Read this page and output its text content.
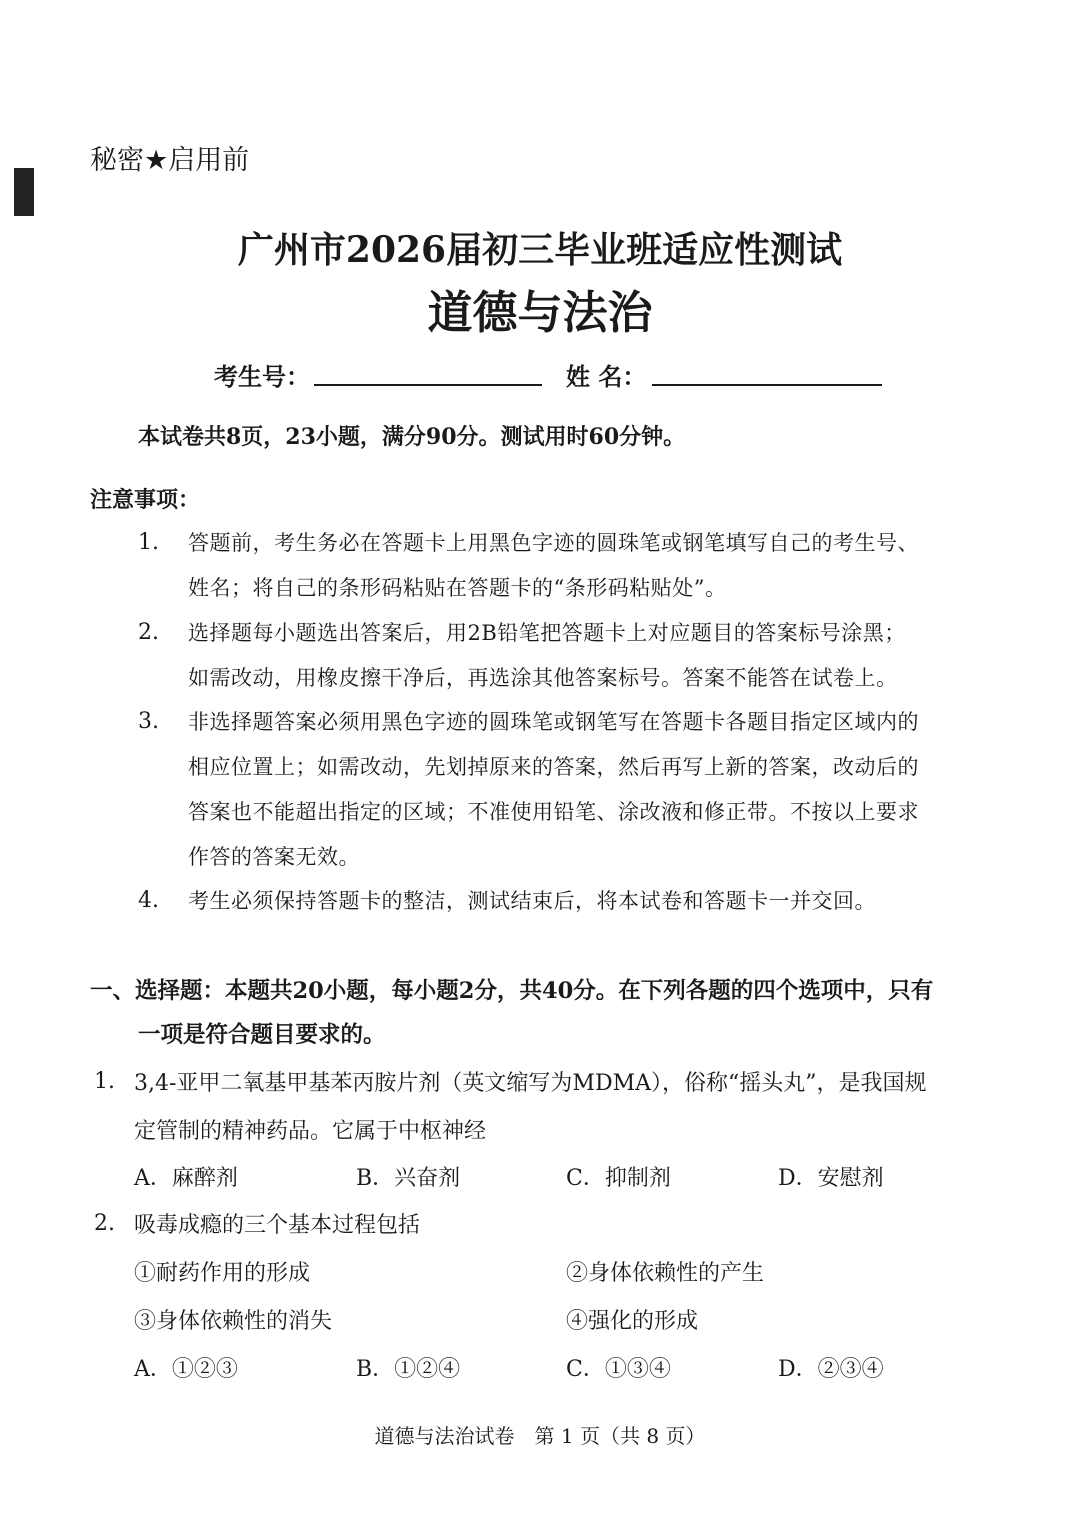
秘密★启用前
广州市2026届初三毕业班适应性测试
道德与法治
考生号：	姓 名：
本试卷共8页，23小题，满分90分。测试用时60分钟。
注意事项：
1. 答题前，考生务必在答题卡上用黑色字迹的圆珠笔或钢笔填写自己的考生号、
姓名；将自己的条形码粘贴在答题卡的“条形码粘贴处”。
2. 选择题每小题选出答案后，用2B铅笔把答题卡上对应题目的答案标号涂黑；
如需改动，用橡皮擦干净后，再选涂其他答案标号。答案不能答在试卷上。
3. 非选择题答案必须用黑色字迹的圆珠笔或钢笔写在答题卡各题目指定区域内的
相应位置上；如需改动，先划掉原来的答案，然后再写上新的答案，改动后的
答案也不能超出指定的区域；不准使用铅笔、涂改液和修正带。不按以上要求
作答的答案无效。
4. 考生必须保持答题卡的整洁，测试结束后，将本试卷和答题卡一并交回。
一、选择题：本题共20小题，每小题2分，共40分。在下列各题的四个选项中，只有
一项是符合题目要求的。
1. 3,4-亚甲二氧基甲基苯丙胺片剂（英文缩写为MDMA），俗称“摇头丸”，是我国规
定管制的精神药品。它属于中枢神经
A．麻醉剂	B．兴奋剂	C．抑制剂	D．安慰剂
2. 吸毒成瘾的三个基本过程包括
①耐药作用的形成	②身体依赖性的产生
③身体依赖性的消失	④强化的形成
A．①②③	B．①②④	C．①③④	D．②③④
道德与法治试卷　第 1 页（共 8 页）
